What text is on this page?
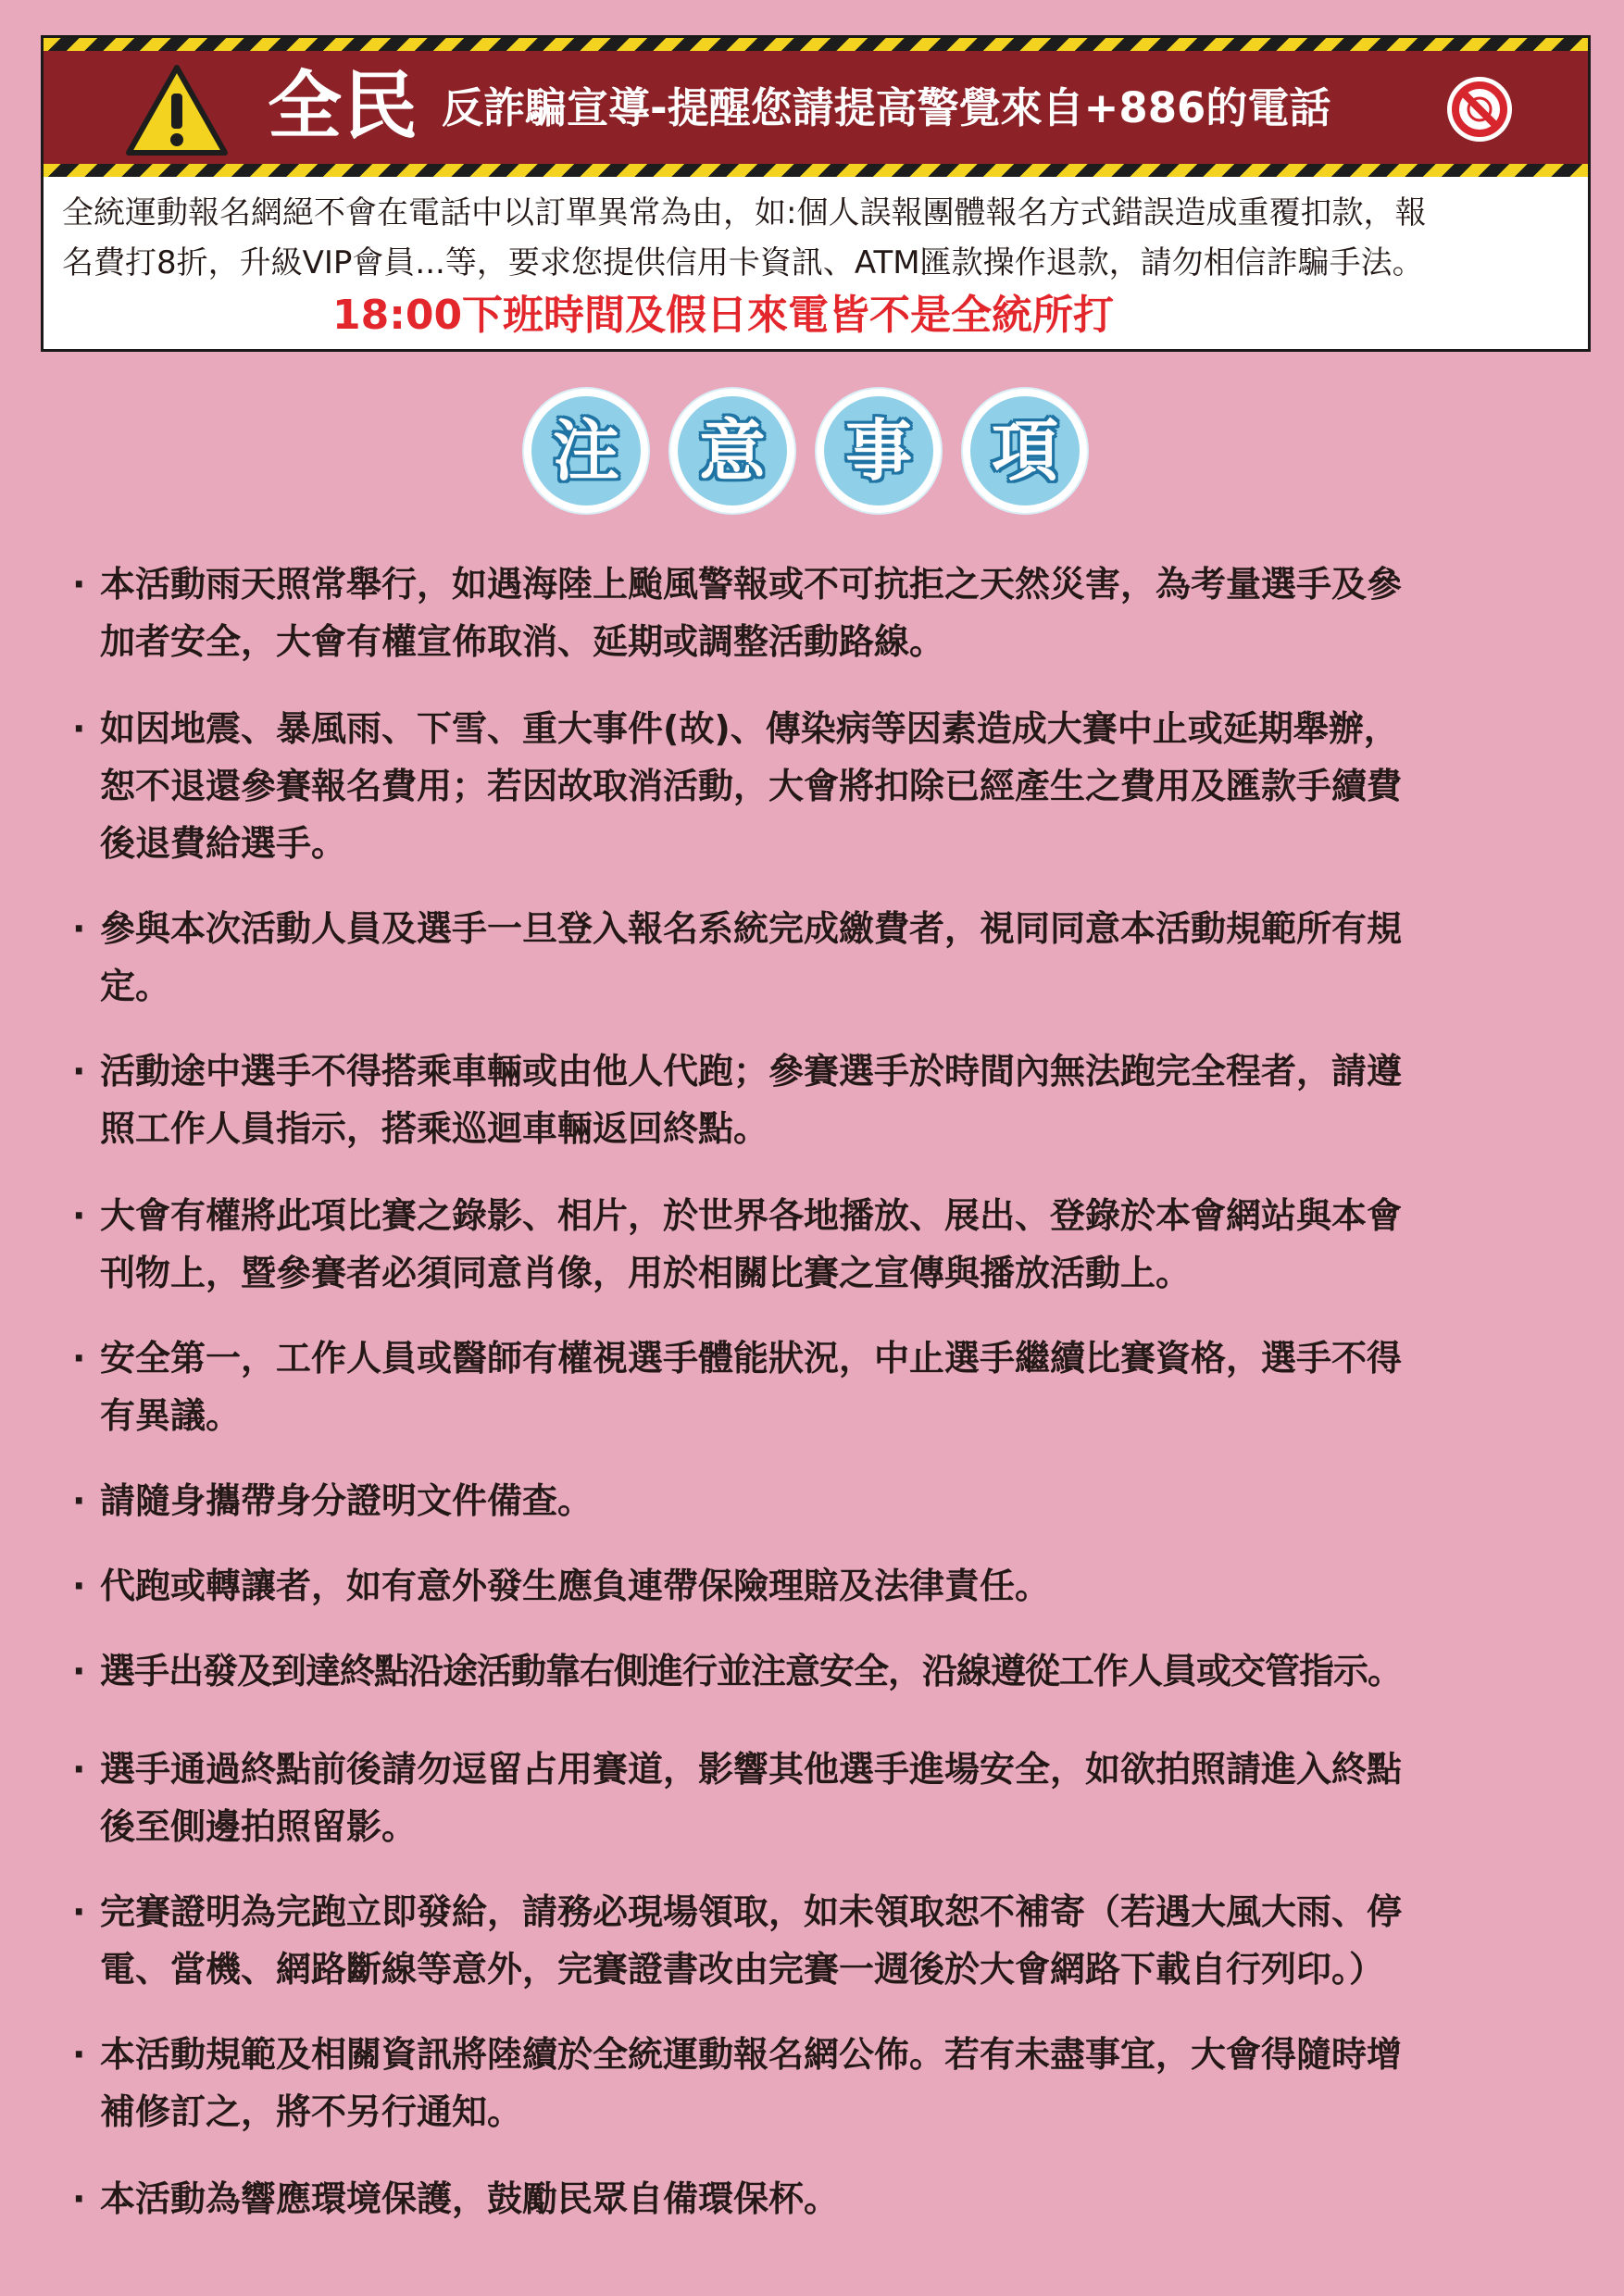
全民 反詐騙宣導-提醒您請提高警覺來自+886的電話
全統運動報名網絕不會在電話中以訂單異常為由，如:個人誤報團體報名方式錯誤造成重覆扣款，報
名費打8折，升級VIP會員...等，要求您提供信用卡資訊、ATM匯款操作退款，請勿相信詐騙手法。
18:00下班時間及假日來電皆不是全統所打
注	意	事	項
· 本活動雨天照常舉行，如遇海陸上颱風警報或不可抗拒之天然災害，為考量選手及參
加者安全，大會有權宣佈取消、延期或調整活動路線。
· 如因地震、暴風雨、下雪、重大事件(故)、傳染病等因素造成大賽中止或延期舉辦，
恕不退還參賽報名費用；若因故取消活動，大會將扣除已經產生之費用及匯款手續費
後退費給選手。
· 參與本次活動人員及選手一旦登入報名系統完成繳費者，視同同意本活動規範所有規
定。
· 活動途中選手不得搭乘車輛或由他人代跑；參賽選手於時間內無法跑完全程者，請遵
照工作人員指示，搭乘巡迴車輛返回終點。
· 大會有權將此項比賽之錄影、相片，於世界各地播放、展出、登錄於本會網站與本會
刊物上，暨參賽者必須同意肖像，用於相關比賽之宣傳與播放活動上。
· 安全第一，工作人員或醫師有權視選手體能狀況，中止選手繼續比賽資格，選手不得
有異議。
· 請隨身攜帶身分證明文件備查。
· 代跑或轉讓者，如有意外發生應負連帶保險理賠及法律責任。
· 選手出發及到達終點沿途活動靠右側進行並注意安全，沿線遵從工作人員或交管指示。
· 選手通過終點前後請勿逗留占用賽道，影響其他選手進場安全，如欲拍照請進入終點
後至側邊拍照留影。
· 完賽證明為完跑立即發給，請務必現場領取，如未領取恕不補寄（若遇大風大雨、停
電、當機、網路斷線等意外，完賽證書改由完賽一週後於大會網路下載自行列印。）
· 本活動規範及相關資訊將陸續於全統運動報名網公佈。若有未盡事宜，大會得隨時增
補修訂之，將不另行通知。
· 本活動為響應環境保護，鼓勵民眾自備環保杯。
